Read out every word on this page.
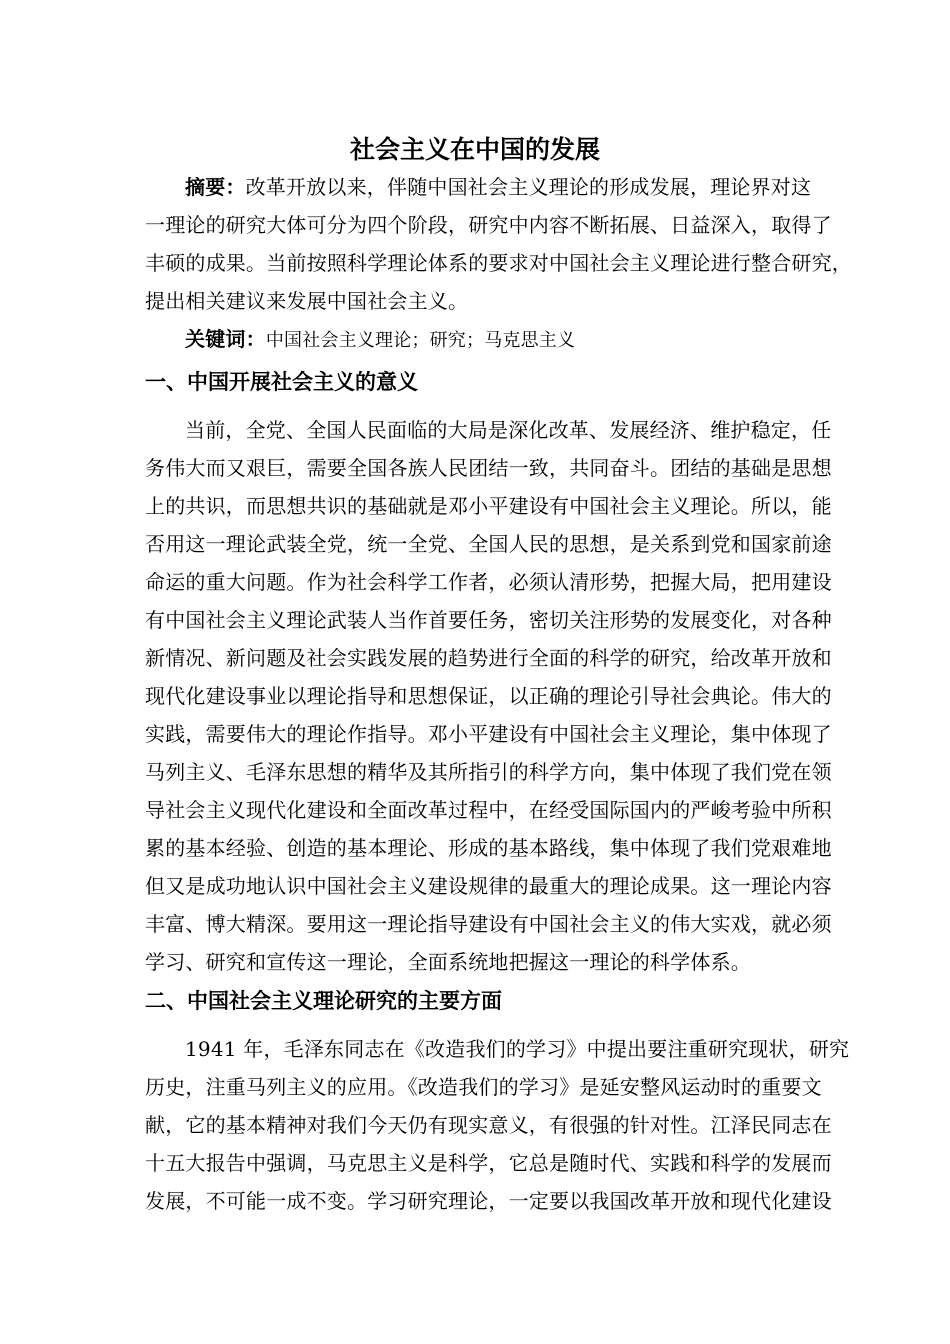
社会主义在中国的发展
摘要：改革开放以来，伴随中国社会主义理论的形成发展，理论界对这
一理论的研究大体可分为四个阶段，研究中内容不断拓展、日益深入，取得了
丰硕的成果。当前按照科学理论体系的要求对中国社会主义理论进行整合研究，
提出相关建议来发展中国社会主义。
关键词：中国社会主义理论；研究；马克思主义
一、中国开展社会主义的意义
当前，全党、全国人民面临的大局是深化改革、发展经济、维护稳定，任
务伟大而又艰巨，需要全国各族人民团结一致，共同奋斗。团结的基础是思想
上的共识，而思想共识的基础就是邓小平建设有中国社会主义理论。所以，能
否用这一理论武装全党，统一全党、全国人民的思想，是关系到党和国家前途
命运的重大问题。作为社会科学工作者，必须认清形势，把握大局，把用建设
有中国社会主义理论武装人当作首要任务，密切关注形势的发展变化，对各种
新情况、新问题及社会实践发展的趋势进行全面的科学的研究，给改革开放和
现代化建设事业以理论指导和思想保证，以正确的理论引导社会典论。伟大的
实践，需要伟大的理论作指导。邓小平建设有中国社会主义理论，集中体现了
马列主义、毛泽东思想的精华及其所指引的科学方向，集中体现了我们党在领
导社会主义现代化建设和全面改革过程中，在经受国际国内的严峻考验中所积
累的基本经验、创造的基本理论、形成的基本路线，集中体现了我们党艰难地
但又是成功地认识中国社会主义建设规律的最重大的理论成果。这一理论内容
丰富、博大精深。要用这一理论指导建设有中国社会主义的伟大实戏，就必须
学习、研究和宣传这一理论，全面系统地把握这一理论的科学体系。
二、中国社会主义理论研究的主要方面
1941 年，毛泽东同志在《改造我们的学习》中提出要注重研究现状，研究
历史，注重马列主义的应用。《改造我们的学习》是延安整风运动时的重要文
献，它的基本精神对我们今天仍有现实意义，有很强的针对性。江泽民同志在
十五大报告中强调，马克思主义是科学，它总是随时代、实践和科学的发展而
发展，不可能一成不变。学习研究理论，一定要以我国改革开放和现代化建设
